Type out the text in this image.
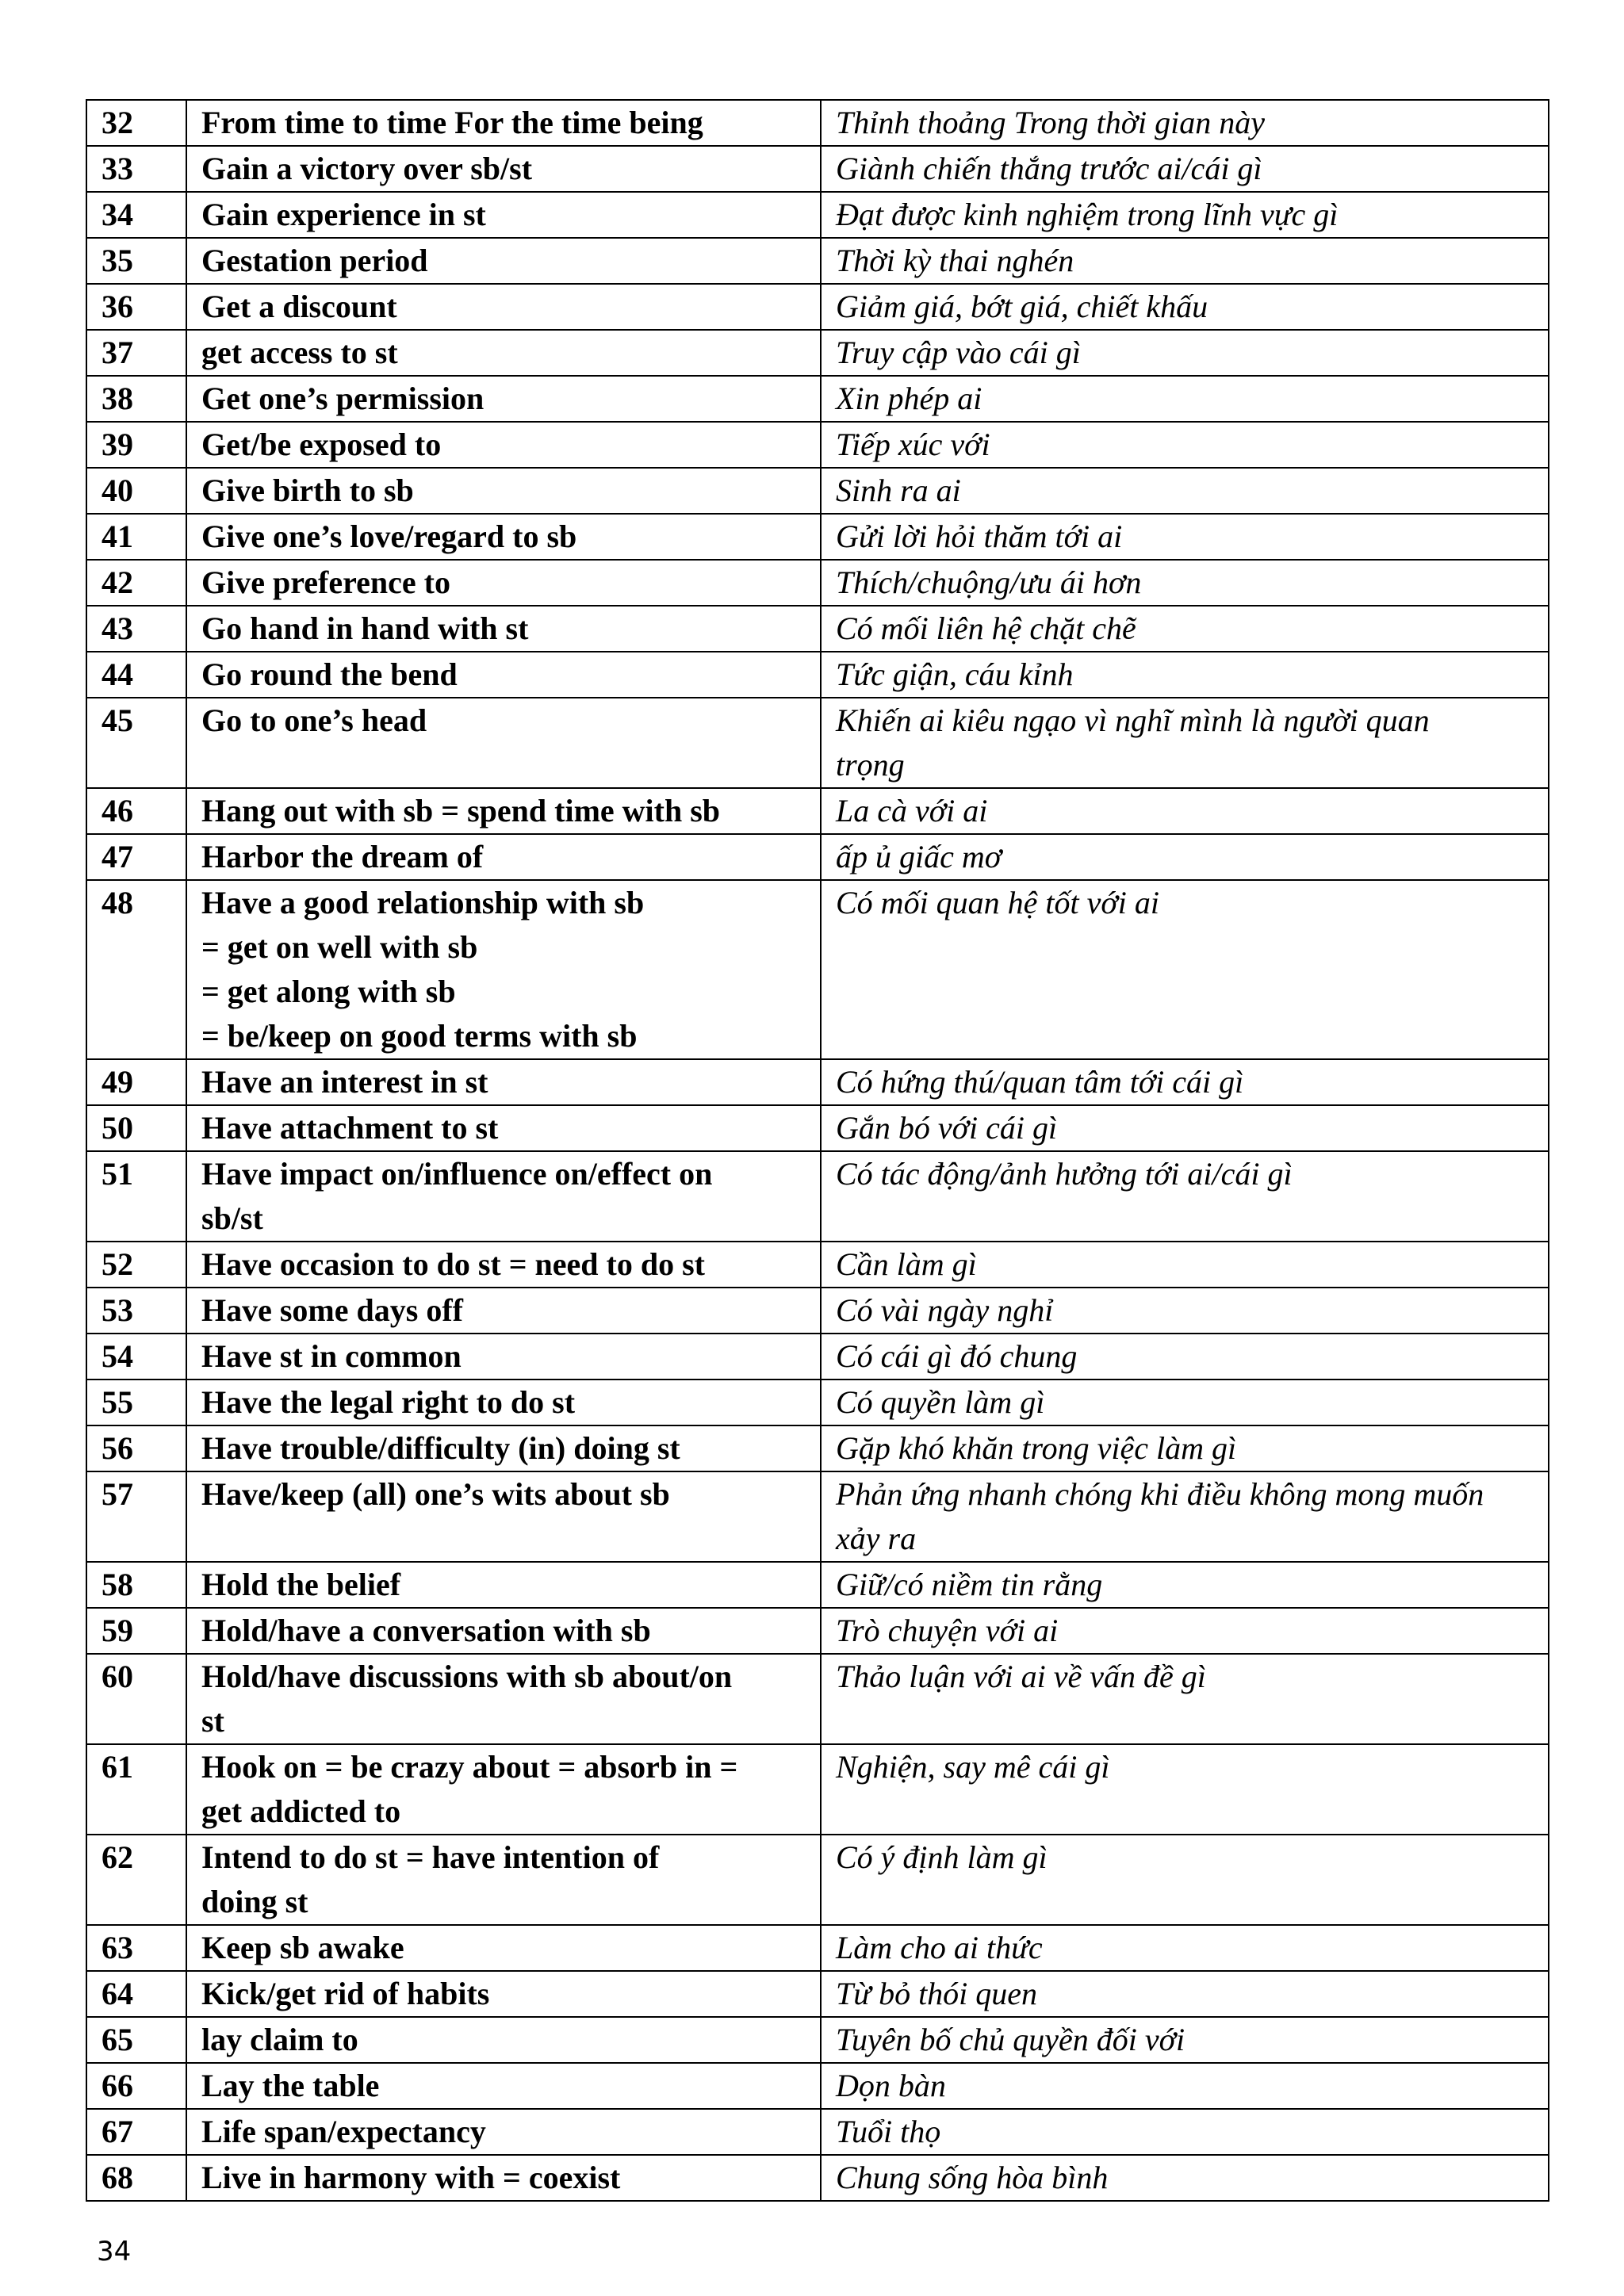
32	From time to time For the time being	Thỉnh thoảng Trong thời gian này

33	Gain a victory over sb/st	Giành chiến thắng trước ai/cái gì

34	Gain experience in st	Đạt được kinh nghiệm trong lĩnh vực gì

35	Gestation period	Thời kỳ thai nghén

36	Get a discount	Giảm giá, bớt giá, chiết khấu

37	get access to st	Truy cập vào cái gì

38	Get one’s permission	Xin phép ai

39	Get/be exposed to	Tiếp xúc với

40	Give birth to sb	Sinh ra ai

41	Give one’s love/regard to sb	Gửi lời hỏi thăm tới ai

42	Give preference to	Thích/chuộng/ưu ái hơn

43	Go hand in hand with st	Có mối liên hệ chặt chẽ

44	Go round the bend	Tức giận, cáu kỉnh

45	Go to one’s head	Khiến ai kiêu ngạo vì nghĩ mình là người quan
trọng

46	Hang out with sb = spend time with sb	La cà với ai

47	Harbor the dream of	ấp ủ giấc mơ

48	Have a good relationship with sb
= get on well with sb
= get along with sb
= be/keep on good terms with sb	Có mối quan hệ tốt với ai

49	Have an interest in st	Có hứng thú/quan tâm tới cái gì

50	Have attachment to st	Gắn bó với cái gì

51	Have impact on/influence on/effect on
sb/st	Có tác động/ảnh hưởng tới ai/cái gì

52	Have occasion to do st = need to do st	Cần làm gì

53	Have some days off	Có vài ngày nghỉ

54	Have st in common	Có cái gì đó chung

55	Have the legal right to do st	Có quyền làm gì

56	Have trouble/difficulty (in) doing st	Gặp khó khăn trong việc làm gì

57	Have/keep (all) one’s wits about sb	Phản ứng nhanh chóng khi điều không mong muốn
xảy ra

58	Hold the belief	Giữ/có niềm tin rằng

59	Hold/have a conversation with sb	Trò chuyện với ai

60	Hold/have discussions with sb about/on
st	Thảo luận với ai về vấn đề gì

61	Hook on = be crazy about = absorb in =
get addicted to	Nghiện, say mê cái gì

62	Intend to do st = have intention of
doing st	Có ý định làm gì

63	Keep sb awake	Làm cho ai thức

64	Kick/get rid of habits	Từ bỏ thói quen

65	lay claim to	Tuyên bố chủ quyền đối với

66	Lay the table	Dọn bàn

67	Life span/expectancy	Tuổi thọ

68	Live in harmony with = coexist	Chung sống hòa bình
34
